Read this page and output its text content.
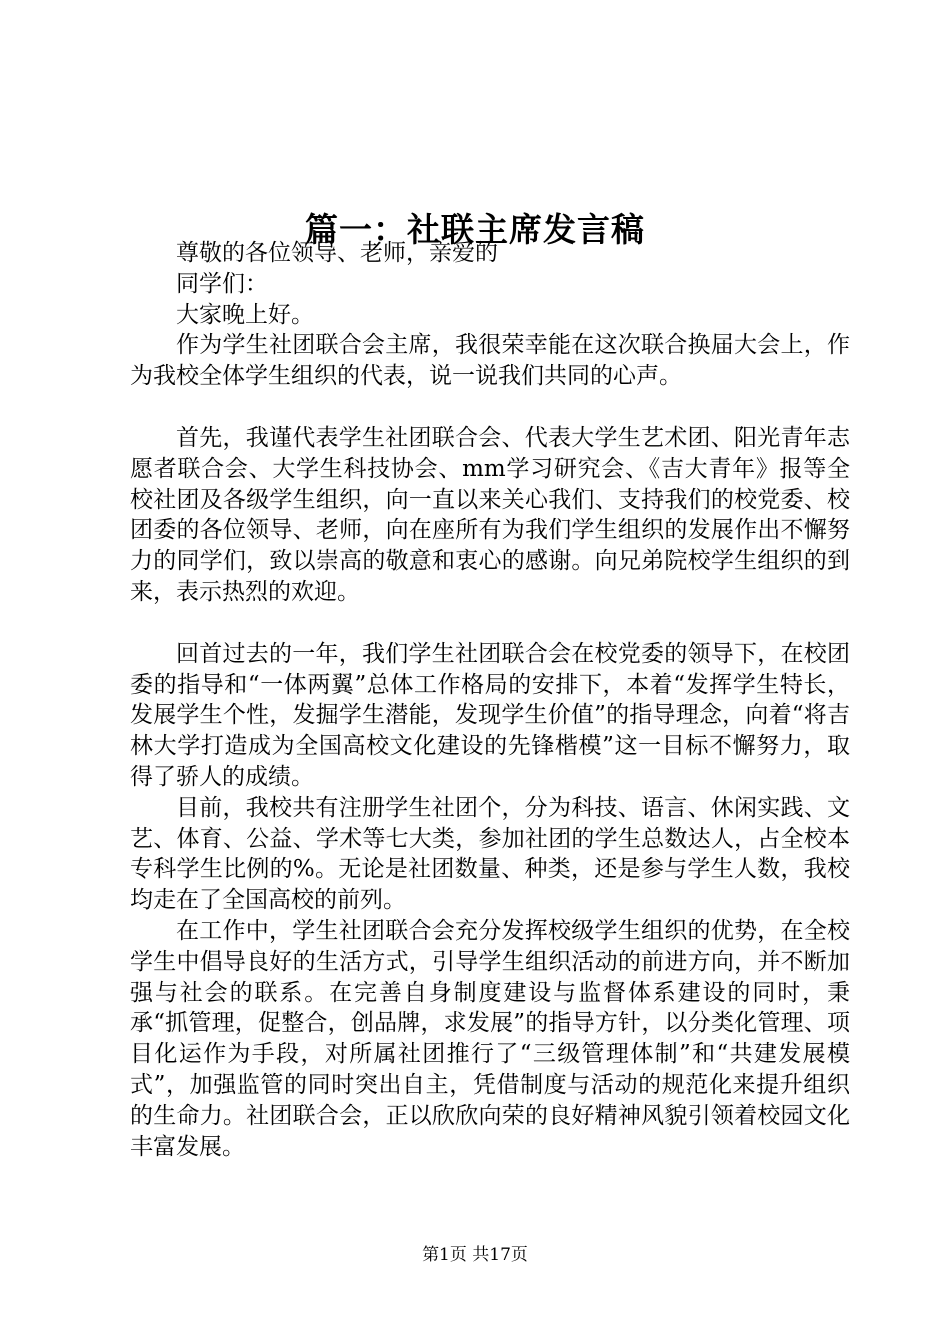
篇一：社联主席发言稿

尊敬的各位领导、老师，亲爱的

同学们：

大家晚上好。

作为学生社团联合会主席，我很荣幸能在这次联合换届大会上，作为我校全体学生组织的代表，说一说我们共同的心声。

首先，我谨代表学生社团联合会、代表大学生艺术团、阳光青年志愿者联合会、大学生科技协会、mm学习研究会、《吉大青年》报等全校社团及各级学生组织，向一直以来关心我们、支持我们的校党委、校团委的各位领导、老师，向在座所有为我们学生组织的发展作出不懈努力的同学们，致以崇高的敬意和衷心的感谢。向兄弟院校学生组织的到来，表示热烈的欢迎。

回首过去的一年，我们学生社团联合会在校党委的领导下，在校团委的指导和“一体两翼”总体工作格局的安排下，本着“发挥学生特长，发展学生个性，发掘学生潜能，发现学生价值”的指导理念，向着“将吉林大学打造成为全国高校文化建设的先锋楷模”这一目标不懈努力，取得了骄人的成绩。

目前，我校共有注册学生社团个，分为科技、语言、休闲实践、文艺、体育、公益、学术等七大类，参加社团的学生总数达人，占全校本专科学生比例的%。无论是社团数量、种类，还是参与学生人数，我校均走在了全国高校的前列。

在工作中，学生社团联合会充分发挥校级学生组织的优势，在全校学生中倡导良好的生活方式，引导学生组织活动的前进方向，并不断加强与社会的联系。在完善自身制度建设与监督体系建设的同时，秉承“抓管理，促整合，创品牌，求发展”的指导方针，以分类化管理、项目化运作为手段，对所属社团推行了“三级管理体制”和“共建发展模式”，加强监管的同时突出自主，凭借制度与活动的规范化来提升组织的生命力。社团联合会，正以欣欣向荣的良好精神风貌引领着校园文化丰富发展。

第1页 共17页
